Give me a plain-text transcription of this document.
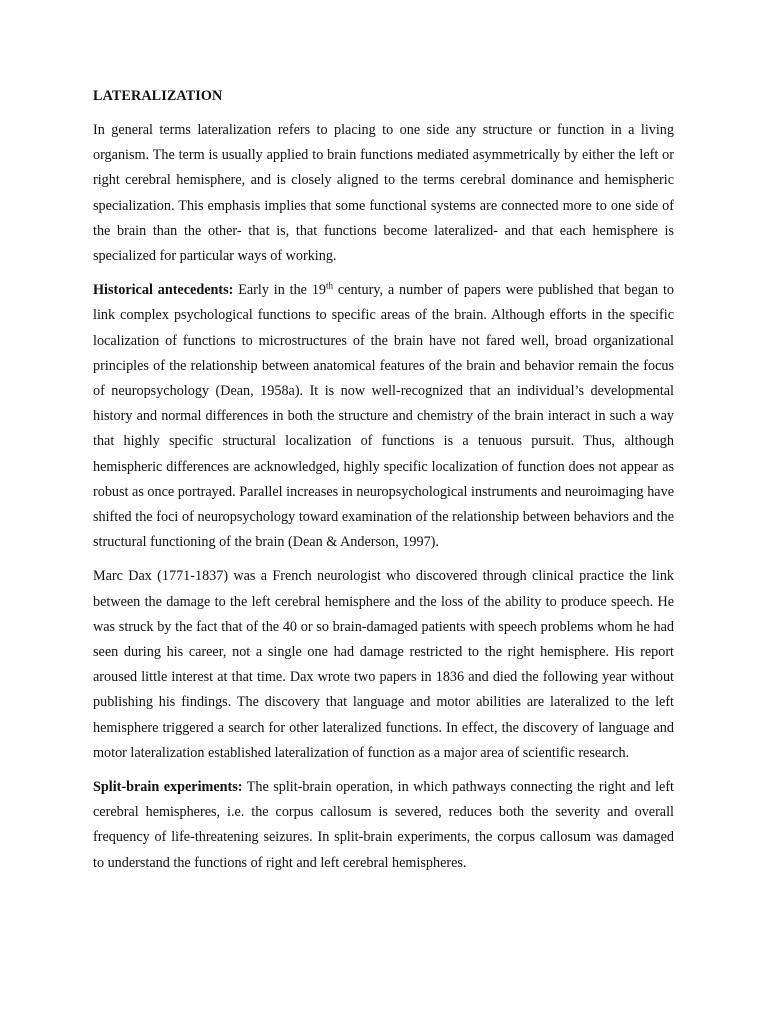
LATERALIZATION

In general terms lateralization refers to placing to one side any structure or function in a living organism. The term is usually applied to brain functions mediated asymmetrically by either the left or right cerebral hemisphere, and is closely aligned to the terms cerebral dominance and hemispheric specialization. This emphasis implies that some functional systems are connected more to one side of the brain than the other- that is, that functions become lateralized- and that each hemisphere is specialized for particular ways of working.

Historical antecedents: Early in the 19th century, a number of papers were published that began to link complex psychological functions to specific areas of the brain. Although efforts in the specific localization of functions to microstructures of the brain have not fared well, broad organizational principles of the relationship between anatomical features of the brain and behavior remain the focus of neuropsychology (Dean, 1958a). It is now well-recognized that an individual’s developmental history and normal differences in both the structure and chemistry of the brain interact in such a way that highly specific structural localization of functions is a tenuous pursuit. Thus, although hemispheric differences are acknowledged, highly specific localization of function does not appear as robust as once portrayed. Parallel increases in neuropsychological instruments and neuroimaging have shifted the foci of neuropsychology toward examination of the relationship between behaviors and the structural functioning of the brain (Dean & Anderson, 1997).

Marc Dax (1771-1837) was a French neurologist who discovered through clinical practice the link between the damage to the left cerebral hemisphere and the loss of the ability to produce speech. He was struck by the fact that of the 40 or so brain-damaged patients with speech problems whom he had seen during his career, not a single one had damage restricted to the right hemisphere. His report aroused little interest at that time. Dax wrote two papers in 1836 and died the following year without publishing his findings. The discovery that language and motor abilities are lateralized to the left hemisphere triggered a search for other lateralized functions. In effect, the discovery of language and motor lateralization established lateralization of function as a major area of scientific research.

Split-brain experiments: The split-brain operation, in which pathways connecting the right and left cerebral hemispheres, i.e. the corpus callosum is severed, reduces both the severity and overall frequency of life-threatening seizures. In split-brain experiments, the corpus callosum was damaged to understand the functions of right and left cerebral hemispheres.
